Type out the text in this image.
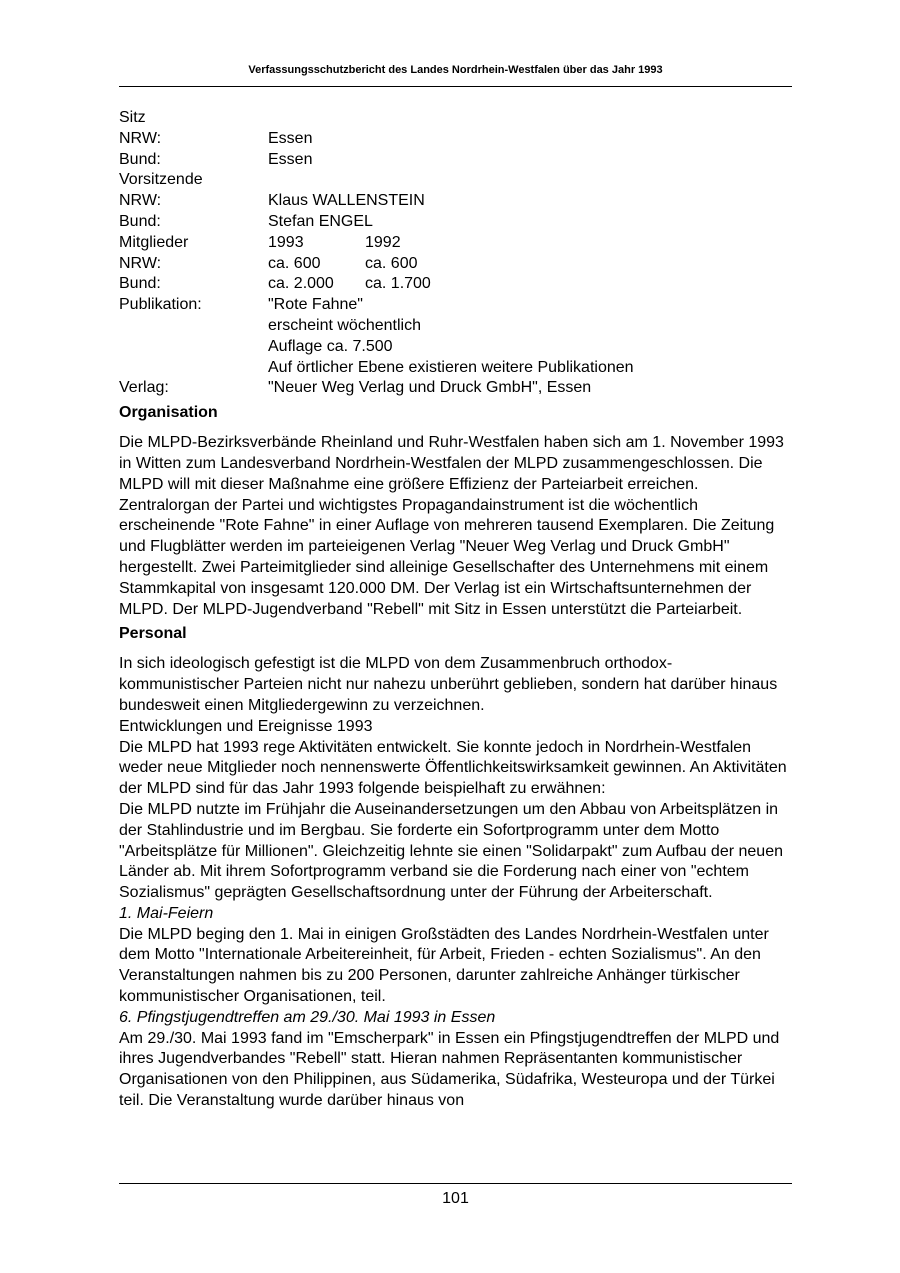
Verfassungsschutzbericht des Landes Nordrhein-Westfalen über das Jahr 1993
Sitz
NRW:	Essen
Bund:	Essen
Vorsitzende
NRW:	Klaus WALLENSTEIN
Bund:	Stefan ENGEL
Mitglieder	1993	1992
NRW:	ca. 600	ca. 600
Bund:	ca. 2.000 ca. 1.700
Publikation:	"Rote Fahne"
erscheint wöchentlich
Auflage ca. 7.500
Auf örtlicher Ebene existieren weitere Publikationen
Verlag:	"Neuer Weg Verlag und Druck GmbH", Essen
Organisation

Die MLPD-Bezirksverbände Rheinland und Ruhr-Westfalen haben sich am 1. November 1993 in Witten zum Landesverband Nordrhein-Westfalen der MLPD zusammengeschlossen. Die MLPD will mit dieser Maßnahme eine größere Effizienz der Parteiarbeit erreichen. Zentralorgan der Partei und wichtigstes Propagandainstrument ist die wöchentlich erscheinende "Rote Fahne" in einer Auflage von mehreren tausend Exemplaren. Die Zeitung und Flugblätter werden im parteieigenen Verlag "Neuer Weg Verlag und Druck GmbH" hergestellt. Zwei Parteimitglieder sind alleinige Gesellschafter des Unternehmens mit einem Stammkapital von insgesamt 120.000 DM. Der Verlag ist ein Wirtschaftsunternehmen der MLPD. Der MLPD-Jugendverband "Rebell" mit Sitz in Essen unterstützt die Parteiarbeit.

Personal

In sich ideologisch gefestigt ist die MLPD von dem Zusammenbruch orthodox-kommunistischer Parteien nicht nur nahezu unberührt geblieben, sondern hat darüber hinaus bundesweit einen Mitgliedergewinn zu verzeichnen.

Entwicklungen und Ereignisse 1993

Die MLPD hat 1993 rege Aktivitäten entwickelt. Sie konnte jedoch in Nordrhein-Westfalen weder neue Mitglieder noch nennenswerte Öffentlichkeitswirksamkeit gewinnen. An Aktivitäten der MLPD sind für das Jahr 1993 folgende beispielhaft zu erwähnen:

Die MLPD nutzte im Frühjahr die Auseinandersetzungen um den Abbau von Arbeitsplätzen in der Stahlindustrie und im Bergbau. Sie forderte ein Sofortprogramm unter dem Motto "Arbeitsplätze für Millionen". Gleichzeitig lehnte sie einen "Solidarpakt" zum Aufbau der neuen Länder ab. Mit ihrem Sofortprogramm verband sie die Forderung nach einer von "echtem Sozialismus" geprägten Gesellschaftsordnung unter der Führung der Arbeiterschaft.

1. Mai-Feiern

Die MLPD beging den 1. Mai in einigen Großstädten des Landes Nordrhein-Westfalen unter dem Motto "Internationale Arbeitereinheit, für Arbeit, Frieden - echten Sozialismus". An den Veranstaltungen nahmen bis zu 200 Personen, darunter zahlreiche Anhänger türkischer kommunistischer Organisationen, teil.

6. Pfingstjugendtreffen am 29./30. Mai 1993 in Essen

Am 29./30. Mai 1993 fand im "Emscherpark" in Essen ein Pfingstjugendtreffen der MLPD und ihres Jugendverbandes "Rebell" statt. Hieran nahmen Repräsentanten kommunistischer Organisationen von den Philippinen, aus Südamerika, Südafrika, Westeuropa und der Türkei teil. Die Veranstaltung wurde darüber hinaus von

101
